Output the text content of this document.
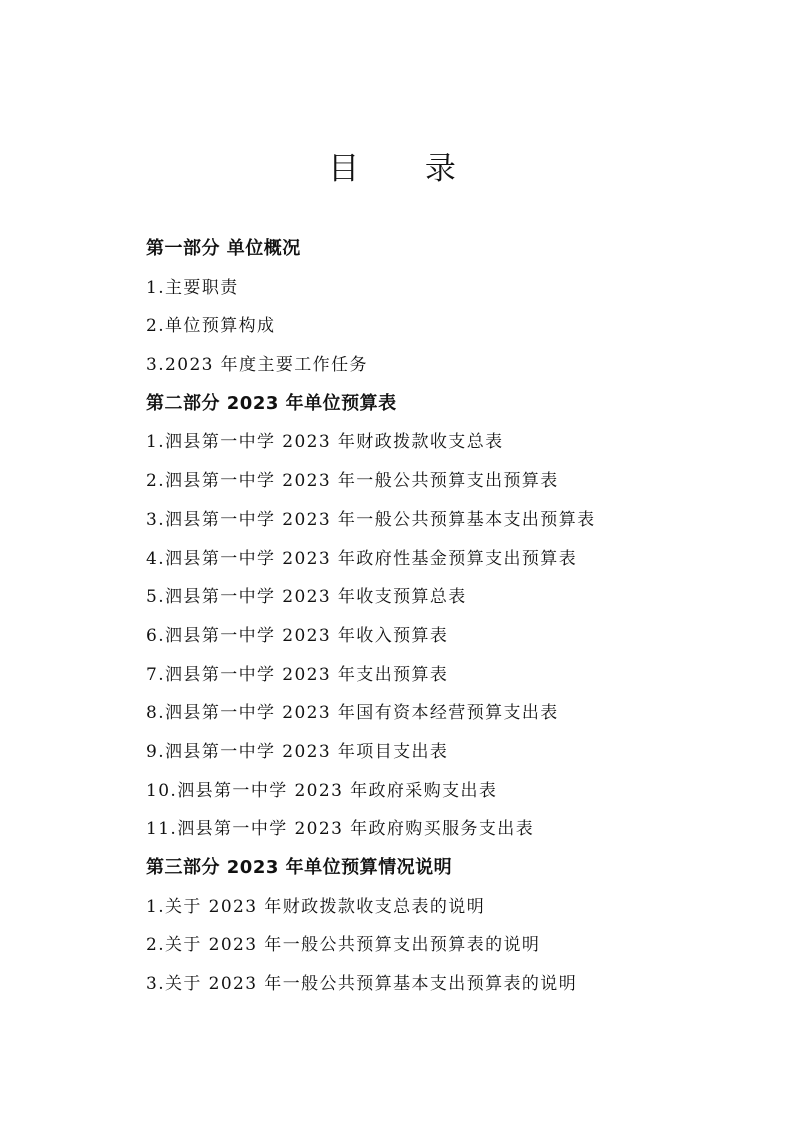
目 录
第一部分 单位概况
1.主要职责
2.单位预算构成
3.2023 年度主要工作任务
第二部分 2023 年单位预算表
1.泗县第一中学 2023 年财政拨款收支总表
2.泗县第一中学 2023 年一般公共预算支出预算表
3.泗县第一中学 2023 年一般公共预算基本支出预算表
4.泗县第一中学 2023 年政府性基金预算支出预算表
5.泗县第一中学 2023 年收支预算总表
6.泗县第一中学 2023 年收入预算表
7.泗县第一中学 2023 年支出预算表
8.泗县第一中学 2023 年国有资本经营预算支出表
9.泗县第一中学 2023 年项目支出表
10.泗县第一中学 2023 年政府采购支出表
11.泗县第一中学 2023 年政府购买服务支出表
第三部分 2023 年单位预算情况说明
1.关于 2023 年财政拨款收支总表的说明
2.关于 2023 年一般公共预算支出预算表的说明
3.关于 2023 年一般公共预算基本支出预算表的说明
